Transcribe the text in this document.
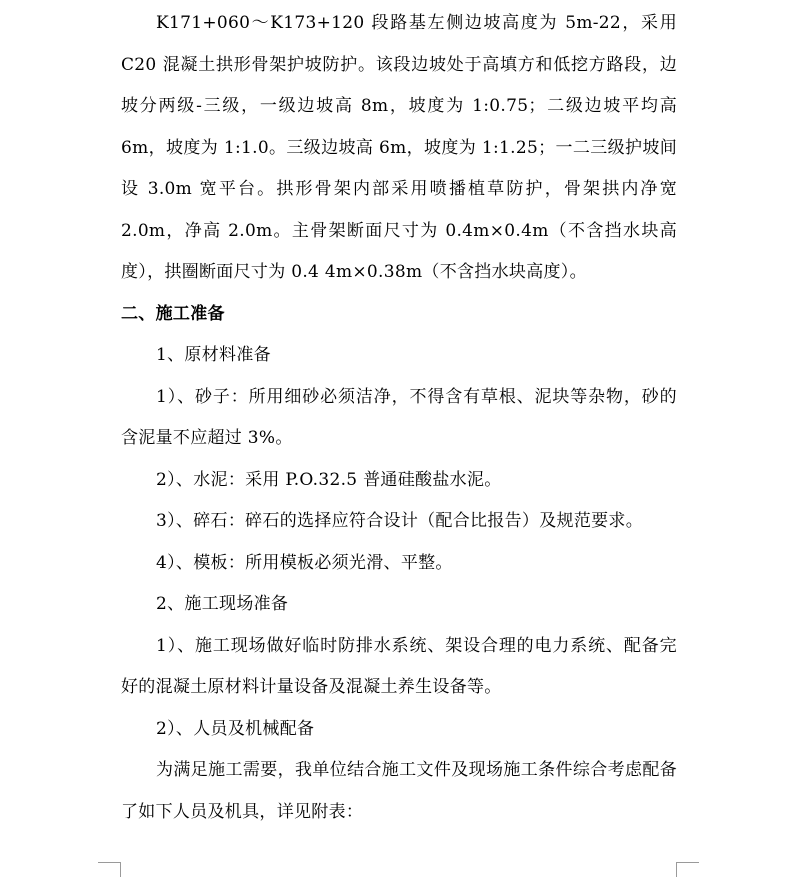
K171+060～K173+120 段路基左侧边坡高度为 5m-22，采用 C20 混凝土拱形骨架护坡防护。该段边坡处于高填方和低挖方路段，边坡分两级-三级，一级边坡高 8m，坡度为 1:0.75；二级边坡平均高 6m，坡度为 1:1.0。三级边坡高 6m，坡度为 1:1.25；一二三级护坡间设 3.0m 宽平台。拱形骨架内部采用喷播植草防护，骨架拱内净宽 2.0m，净高 2.0m。主骨架断面尺寸为 0.4m×0.4m（不含挡水块高度），拱圈断面尺寸为 0.4 4m×0.38m（不含挡水块高度）。

二、施工准备

1、原材料准备

1）、砂子：所用细砂必须洁净，不得含有草根、泥块等杂物，砂的含泥量不应超过 3%。

2）、水泥：采用 P.O.32.5 普通硅酸盐水泥。

3）、碎石：碎石的选择应符合设计（配合比报告）及规范要求。

4）、模板：所用模板必须光滑、平整。

2、施工现场准备

1）、施工现场做好临时防排水系统、架设合理的电力系统、配备完好的混凝土原材料计量设备及混凝土养生设备等。

2）、人员及机械配备

为满足施工需要，我单位结合施工文件及现场施工条件综合考虑配备了如下人员及机具，详见附表：
